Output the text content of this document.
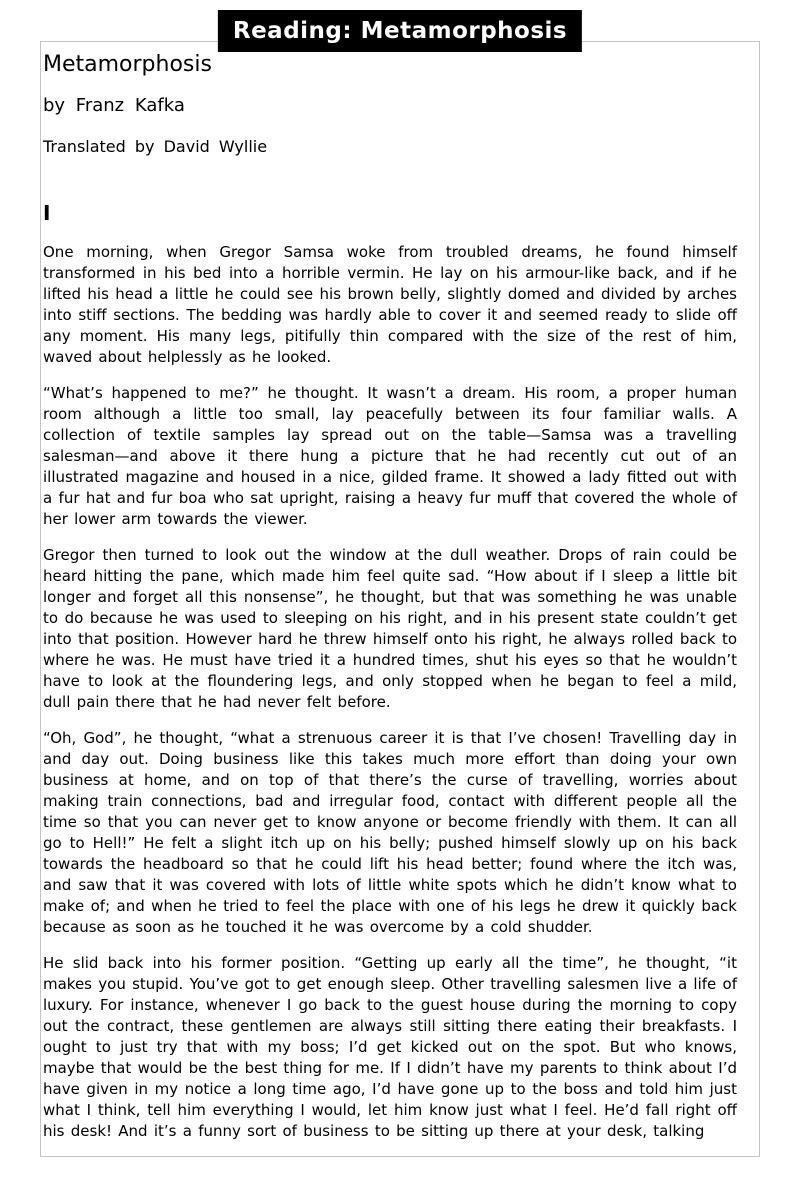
Reading: Metamorphosis
Metamorphosis

by Franz Kafka

Translated by David Wyllie

I

One morning, when Gregor Samsa woke from troubled dreams, he found himself transformed in his bed into a horrible vermin. He lay on his armour-like back, and if he lifted his head a little he could see his brown belly, slightly domed and divided by arches into stiff sections. The bedding was hardly able to cover it and seemed ready to slide off any moment. His many legs, pitifully thin compared with the size of the rest of him, waved about helplessly as he looked.

“What’s happened to me?” he thought. It wasn’t a dream. His room, a proper human room although a little too small, lay peacefully between its four familiar walls. A collection of textile samples lay spread out on the table—Samsa was a travelling salesman—and above it there hung a picture that he had recently cut out of an illustrated magazine and housed in a nice, gilded frame. It showed a lady fitted out with a fur hat and fur boa who sat upright, raising a heavy fur muff that covered the whole of her lower arm towards the viewer.

Gregor then turned to look out the window at the dull weather. Drops of rain could be heard hitting the pane, which made him feel quite sad. “How about if I sleep a little bit longer and forget all this nonsense”, he thought, but that was something he was unable to do because he was used to sleeping on his right, and in his present state couldn’t get into that position. However hard he threw himself onto his right, he always rolled back to where he was. He must have tried it a hundred times, shut his eyes so that he wouldn’t have to look at the floundering legs, and only stopped when he began to feel a mild, dull pain there that he had never felt before.

“Oh, God”, he thought, “what a strenuous career it is that I’ve chosen! Travelling day in and day out. Doing business like this takes much more effort than doing your own business at home, and on top of that there’s the curse of travelling, worries about making train connections, bad and irregular food, contact with different people all the time so that you can never get to know anyone or become friendly with them. It can all go to Hell!” He felt a slight itch up on his belly; pushed himself slowly up on his back towards the headboard so that he could lift his head better; found where the itch was, and saw that it was covered with lots of little white spots which he didn’t know what to make of; and when he tried to feel the place with one of his legs he drew it quickly back because as soon as he touched it he was overcome by a cold shudder.

He slid back into his former position. “Getting up early all the time”, he thought, “it makes you stupid. You’ve got to get enough sleep. Other travelling salesmen live a life of luxury. For instance, whenever I go back to the guest house during the morning to copy out the contract, these gentlemen are always still sitting there eating their breakfasts. I ought to just try that with my boss; I’d get kicked out on the spot. But who knows, maybe that would be the best thing for me. If I didn’t have my parents to think about I’d have given in my notice a long time ago, I’d have gone up to the boss and told him just what I think, tell him everything I would, let him know just what I feel. He’d fall right off his desk! And it’s a funny sort of business to be sitting up there at your desk, talking
